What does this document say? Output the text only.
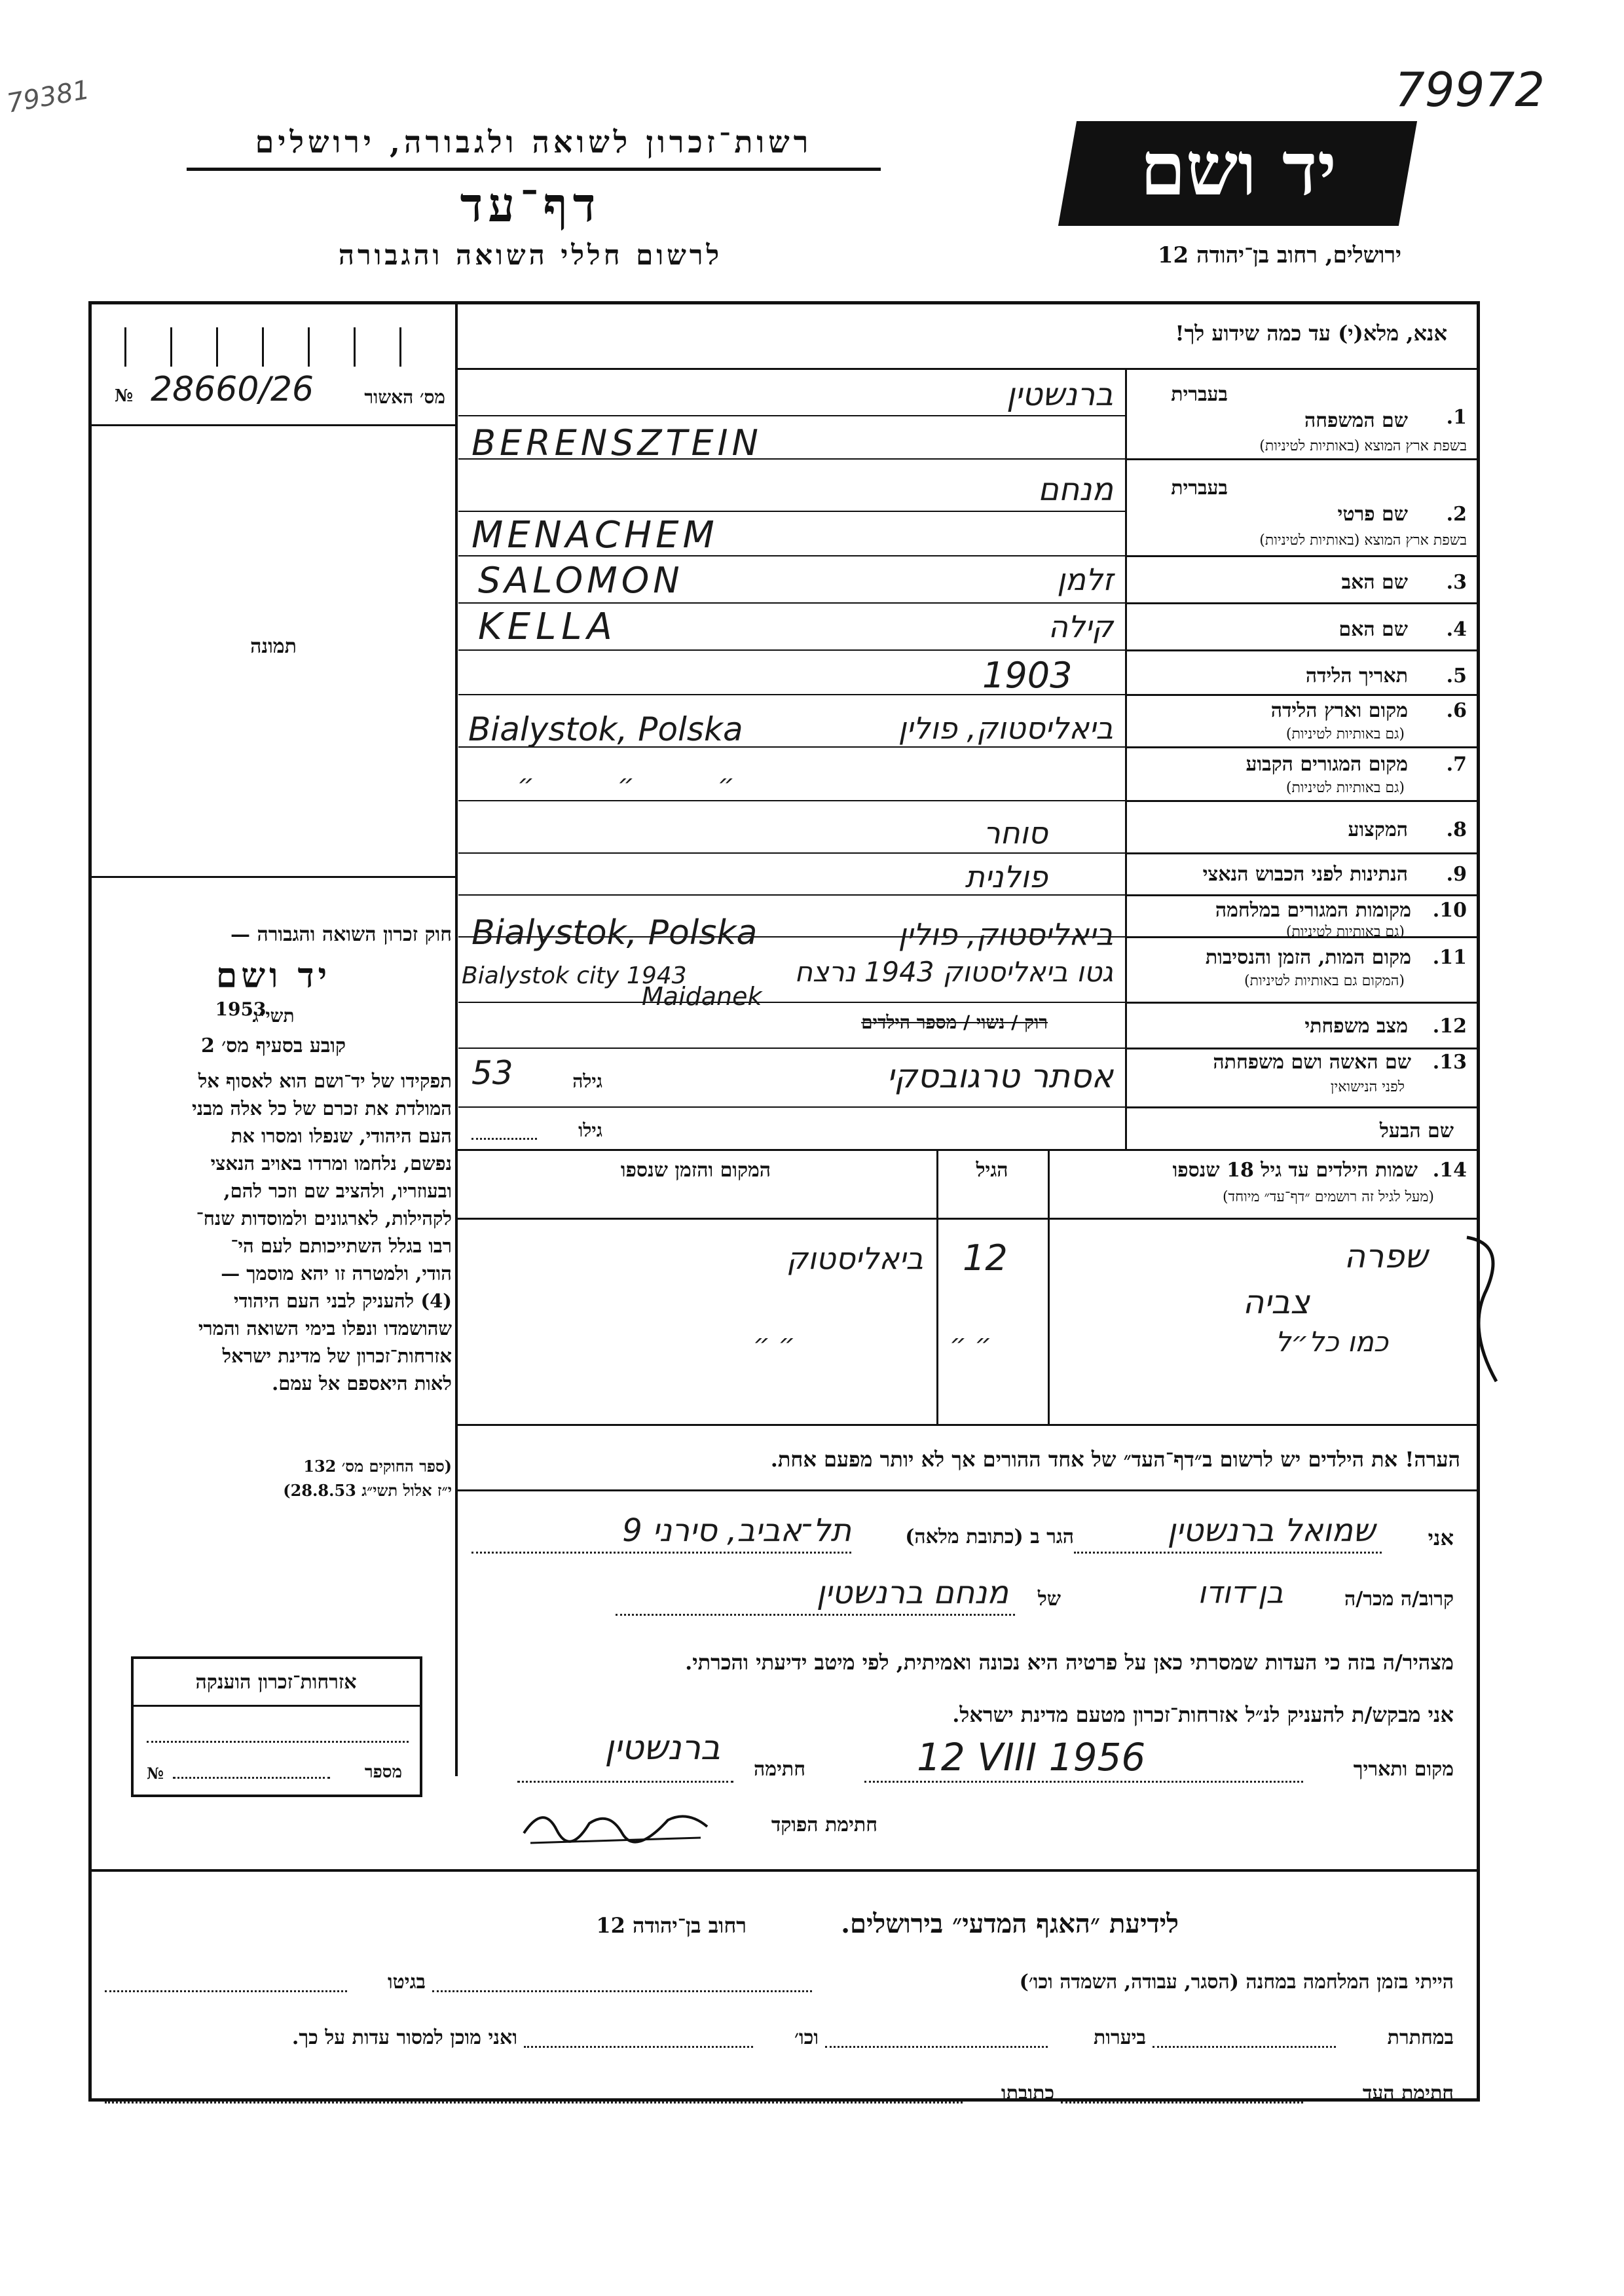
79972
79381
רשות־זכרון לשואה ולגבורה, ירושלים
דף־עד
לרשום חללי השואה והגבורה
יד ושם
ירושלים, רחוב בן־יהודה 12
№ 28660/26	מס׳ האשור
תמונה
חוק זכרון השואה והגבורה —
יד ושם
תשי״ג
1953
קובע בסעיף מס׳ 2
תפקידו של יד־ושם הוא לאסוף אל
המולדת את זכרם של כל אלה מבני
העם היהודי, שנפלו ומסרו את
נפשם, נלחמו ומרדו באויב הנאצי
ובעוזריו, ולהציב שם וזכר להם,
לקהילות, לארגונים ולמוסדות שנח־
רבו בגלל השתייכותם לעם הי־
הודי, ולמטרה זו יהא מוסמך —
(4) להעניק לבני העם היהודי
שהושמדו ונפלו בימי השואה והמרי
אזרחות־זכרון של מדינת ישראל
לאות היאספם אל עמם.
(ספר החוקים מס׳ 132
י״ז אלול תשי״ג 28.8.53)
אזרחות־זכרון הוענקה
№	מספר
אנא, מלא(י) עד כמה שידוע לך!
1.
בעברית
שם המשפחה
בשפת ארץ המוצא (באותיות לטיניות)
ברנשטין
BERENSZTEIN
2.
בעברית
שם פרטי
בשפת ארץ המוצא (באותיות לטיניות)
מנחם
MENACHEM
3.
שם האב
זלמן
SALOMON
4.
שם האם
קילה
KELLA
5.
תאריך הלידה
1903
6.
מקום וארץ הלידה
(גם באותיות לטיניות)
ביאליסטוק, פולין
Bialystok, Polska
7.
מקום המגורים הקבוע
(גם באותיות לטיניות)
״          ״          ״
8.
המקצוע
סוחר
9.
הנתינות לפני הכבוש הנאצי
פולנית
10.
מקומות המגורים במלחמה
(גם באותיות לטיניות)
ביאליסטוק, פולין
Bialystok, Polska
11.
מקום המות, הזמן והנסיבות
(המקום גם באותיות לטיניות)
גטו ביאליסטוק 1943 נרצח
Bialystok city 1943
Maidanek
12.
מצב משפחתי
רוק / נשוי / מספר הילדים
13.
שם האשה ושם משפחתה
לפני הנישואין
אסתר טרגובסקי
גילה
53
שם הבעל
גילו
14.
שמות הילדים עד גיל 18 שנספו
(מעל לגיל זה רושמים ״דף־עד״ מיוחד)
הגיל
המקום והזמן שנספו
שפרה
12
ביאליסטוק
צביה
כמו כל״ל
״ ״
״ ״
הערה! את הילדים יש לרשום ב״דף־העד״ של אחד ההורים אך לא יותר מפעם אחת.
אני
שמואל ברנשטין
הגר ב (כתובת מלאה)
תל־אביב, סירני 9
קרוב/ה מכר/ה
בן־דודו
של
מנחם ברנשטין
מצהיר/ה בזה כי העדות שמסרתי כאן על פרטיה היא נכונה ואמיתית, לפי מיטב ידיעתי והכרתי.
אני מבקש/ת להעניק לנ״ל אזרחות־זכרון מטעם מדינת ישראל.
מקום ותאריך
12 VIII 1956
חתימה
ברנשטין
חתימת הפוקד
לידיעת ״האגף המדעי״ בירושלים.
רחוב בן־יהודה 12
הייתי בזמן המלחמה במחנה (הסגר, עבודה, השמדה וכו׳)
בגיטו
במחתרת
ביערות
וכו׳
ואני מוכן למסור עדות על כך.
חתימת העד
כתובתו
